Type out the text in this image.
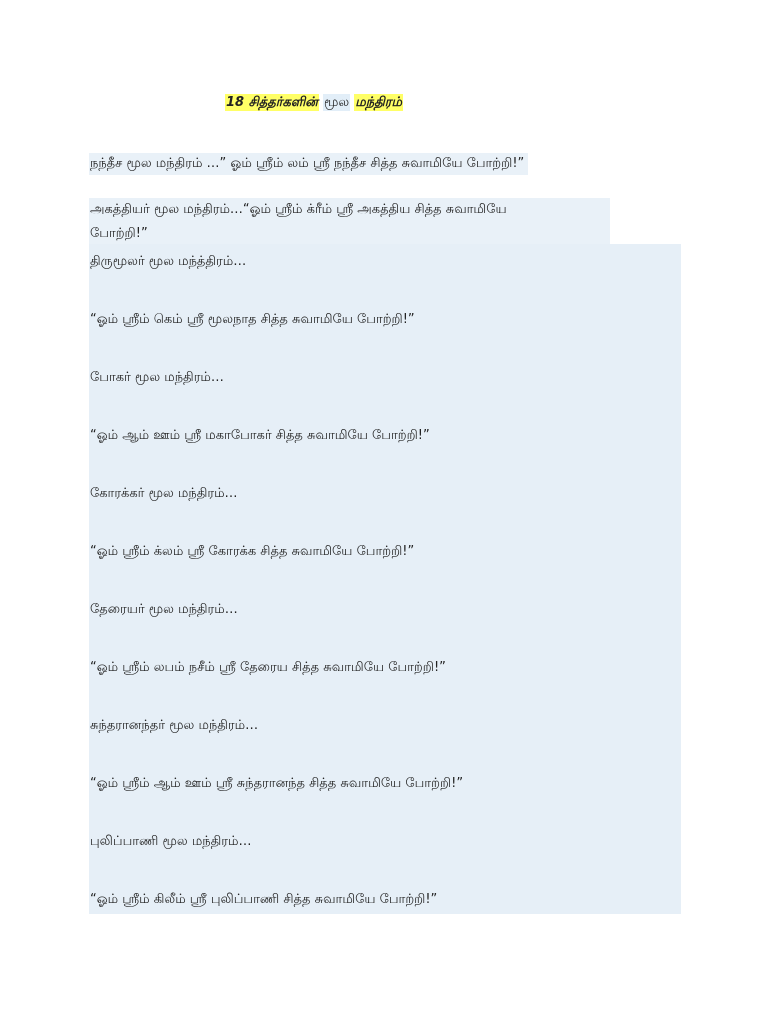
18 சித்தர்களின் மூல மந்திரம்
நந்தீச மூல மந்திரம் …” ஓம் ஸ்ரீம் லம் ஸ்ரீ நந்தீச சித்த சுவாமியே போற்றி!”
அகத்தியர் மூல மந்திரம்…“ஓம் ஸ்ரீம் க்ரீம் ஸ்ரீ அகத்திய சித்த சுவாமியே
போற்றி!”
திருமூலர் மூல மந்த்திரம்…
“ஓம் ஸ்ரீம் கெம் ஸ்ரீ மூலநாத சித்த சுவாமியே போற்றி!”
போகர் மூல மந்திரம்…
“ஓம் ஆம் ஊம் ஸ்ரீ மகாபோகர் சித்த சுவாமியே போற்றி!”
கோரக்கர் மூல மந்திரம்…
“ஓம் ஸ்ரீம் க்லம் ஸ்ரீ கோரக்க சித்த சுவாமியே போற்றி!”
தேரையர் மூல மந்திரம்…
“ஓம் ஸ்ரீம் லபம் நசீம் ஸ்ரீ தேரைய சித்த சுவாமியே போற்றி!”
சுந்தரானந்தர் மூல மந்திரம்…
“ஓம் ஸ்ரீம் ஆம் ஊம் ஸ்ரீ சுந்தரானந்த சித்த சுவாமியே போற்றி!”
புலிப்பாணி மூல மந்திரம்…
“ஓம் ஸ்ரீம் கிலீம் ஸ்ரீ புலிப்பாணி சித்த சுவாமியே போற்றி!”
